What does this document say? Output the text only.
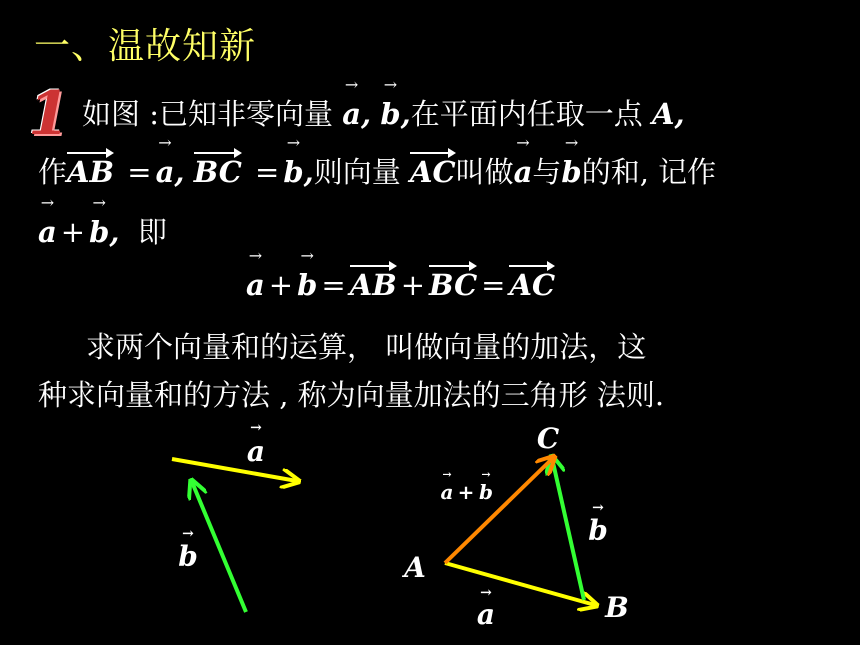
一、温故知新
1 如图 :已知非零向量 → a, → b,在平面内任取一点 A,
作AB = → a, BC = → b,则向量 AC叫做→ a与→ b的和, 记作
→ a + → b, 即
→ a + → b = AB + BC = AC
求两个向量和的运算， 叫做向量的加法，这
种求向量和的方法 , 称为向量加法的三角形 法则.
→
a
→
b
C
A
B
→
a +
→
b
→
b
→
a
